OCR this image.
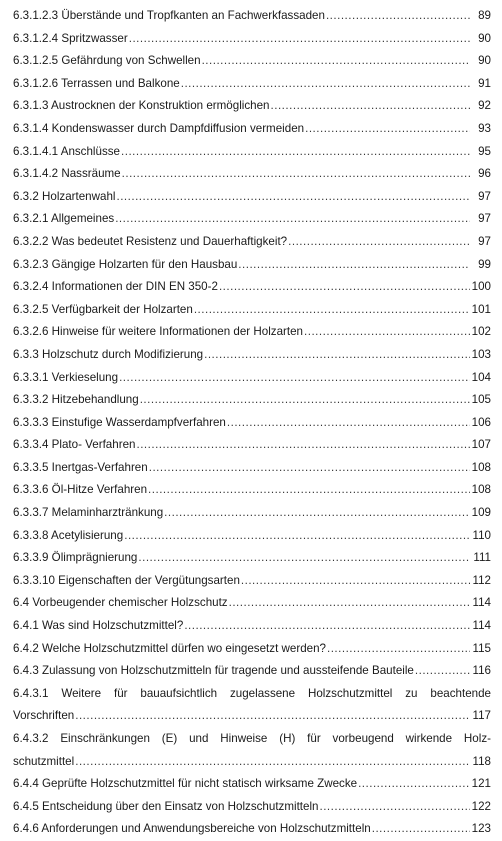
6.3.1.2.3 Überstände und Tropfkanten an Fachwerkfassaden .....	89
6.3.1.2.4 Spritzwasser .....	90
6.3.1.2.5 Gefährdung von Schwellen .....	90
6.3.1.2.6 Terrassen und Balkone .....	91
6.3.1.3 Austrocknen der Konstruktion ermöglichen .....	92
6.3.1.4 Kondenswasser durch Dampfdiffusion vermeiden .....	93
6.3.1.4.1 Anschlüsse .....	95
6.3.1.4.2 Nassräume .....	96
6.3.2 Holzartenwahl .....	97
6.3.2.1 Allgemeines .....	97
6.3.2.2 Was bedeutet Resistenz und Dauerhaftigkeit? .....	97
6.3.2.3 Gängige Holzarten für den Hausbau .....	99
6.3.2.4 Informationen der DIN EN 350-2 .....	100
6.3.2.5 Verfügbarkeit der Holzarten .....	101
6.3.2.6 Hinweise für weitere Informationen der Holzarten .....	102
6.3.3 Holzschutz durch Modifizierung .....	103
6.3.3.1 Verkieselung .....	104
6.3.3.2 Hitzebehandlung .....	105
6.3.3.3 Einstufige Wasserdampfverfahren .....	106
6.3.3.4 Plato- Verfahren .....	107
6.3.3.5 Inertgas-Verfahren .....	108
6.3.3.6 Öl-Hitze Verfahren .....	108
6.3.3.7 Melaminharztränkung .....	109
6.3.3.8 Acetylisierung .....	110
6.3.3.9 Ölimprägnierung .....	111
6.3.3.10 Eigenschaften der Vergütungsarten .....	112
6.4 Vorbeugender chemischer Holzschutz .....	114
6.4.1 Was sind Holzschutzmittel? .....	114
6.4.2 Welche Holzschutzmittel dürfen wo eingesetzt werden? .....	115
6.4.3 Zulassung von Holzschutzmitteln für tragende und aussteifende Bauteile .....	116
6.4.3.1 Weitere für bauaufsichtlich zugelassene Holzschutzmittel zu beachtende
Vorschriften .....	117
6.4.3.2 Einschränkungen (E) und Hinweise (H) für vorbeugend wirkende Holz-
schutzmittel .....	118
6.4.4 Geprüfte Holzschutzmittel für nicht statisch wirksame Zwecke .....	121
6.4.5 Entscheidung über den Einsatz von Holzschutzmitteln .....	122
6.4.6 Anforderungen und Anwendungsbereiche von Holzschutzmitteln .....	123
